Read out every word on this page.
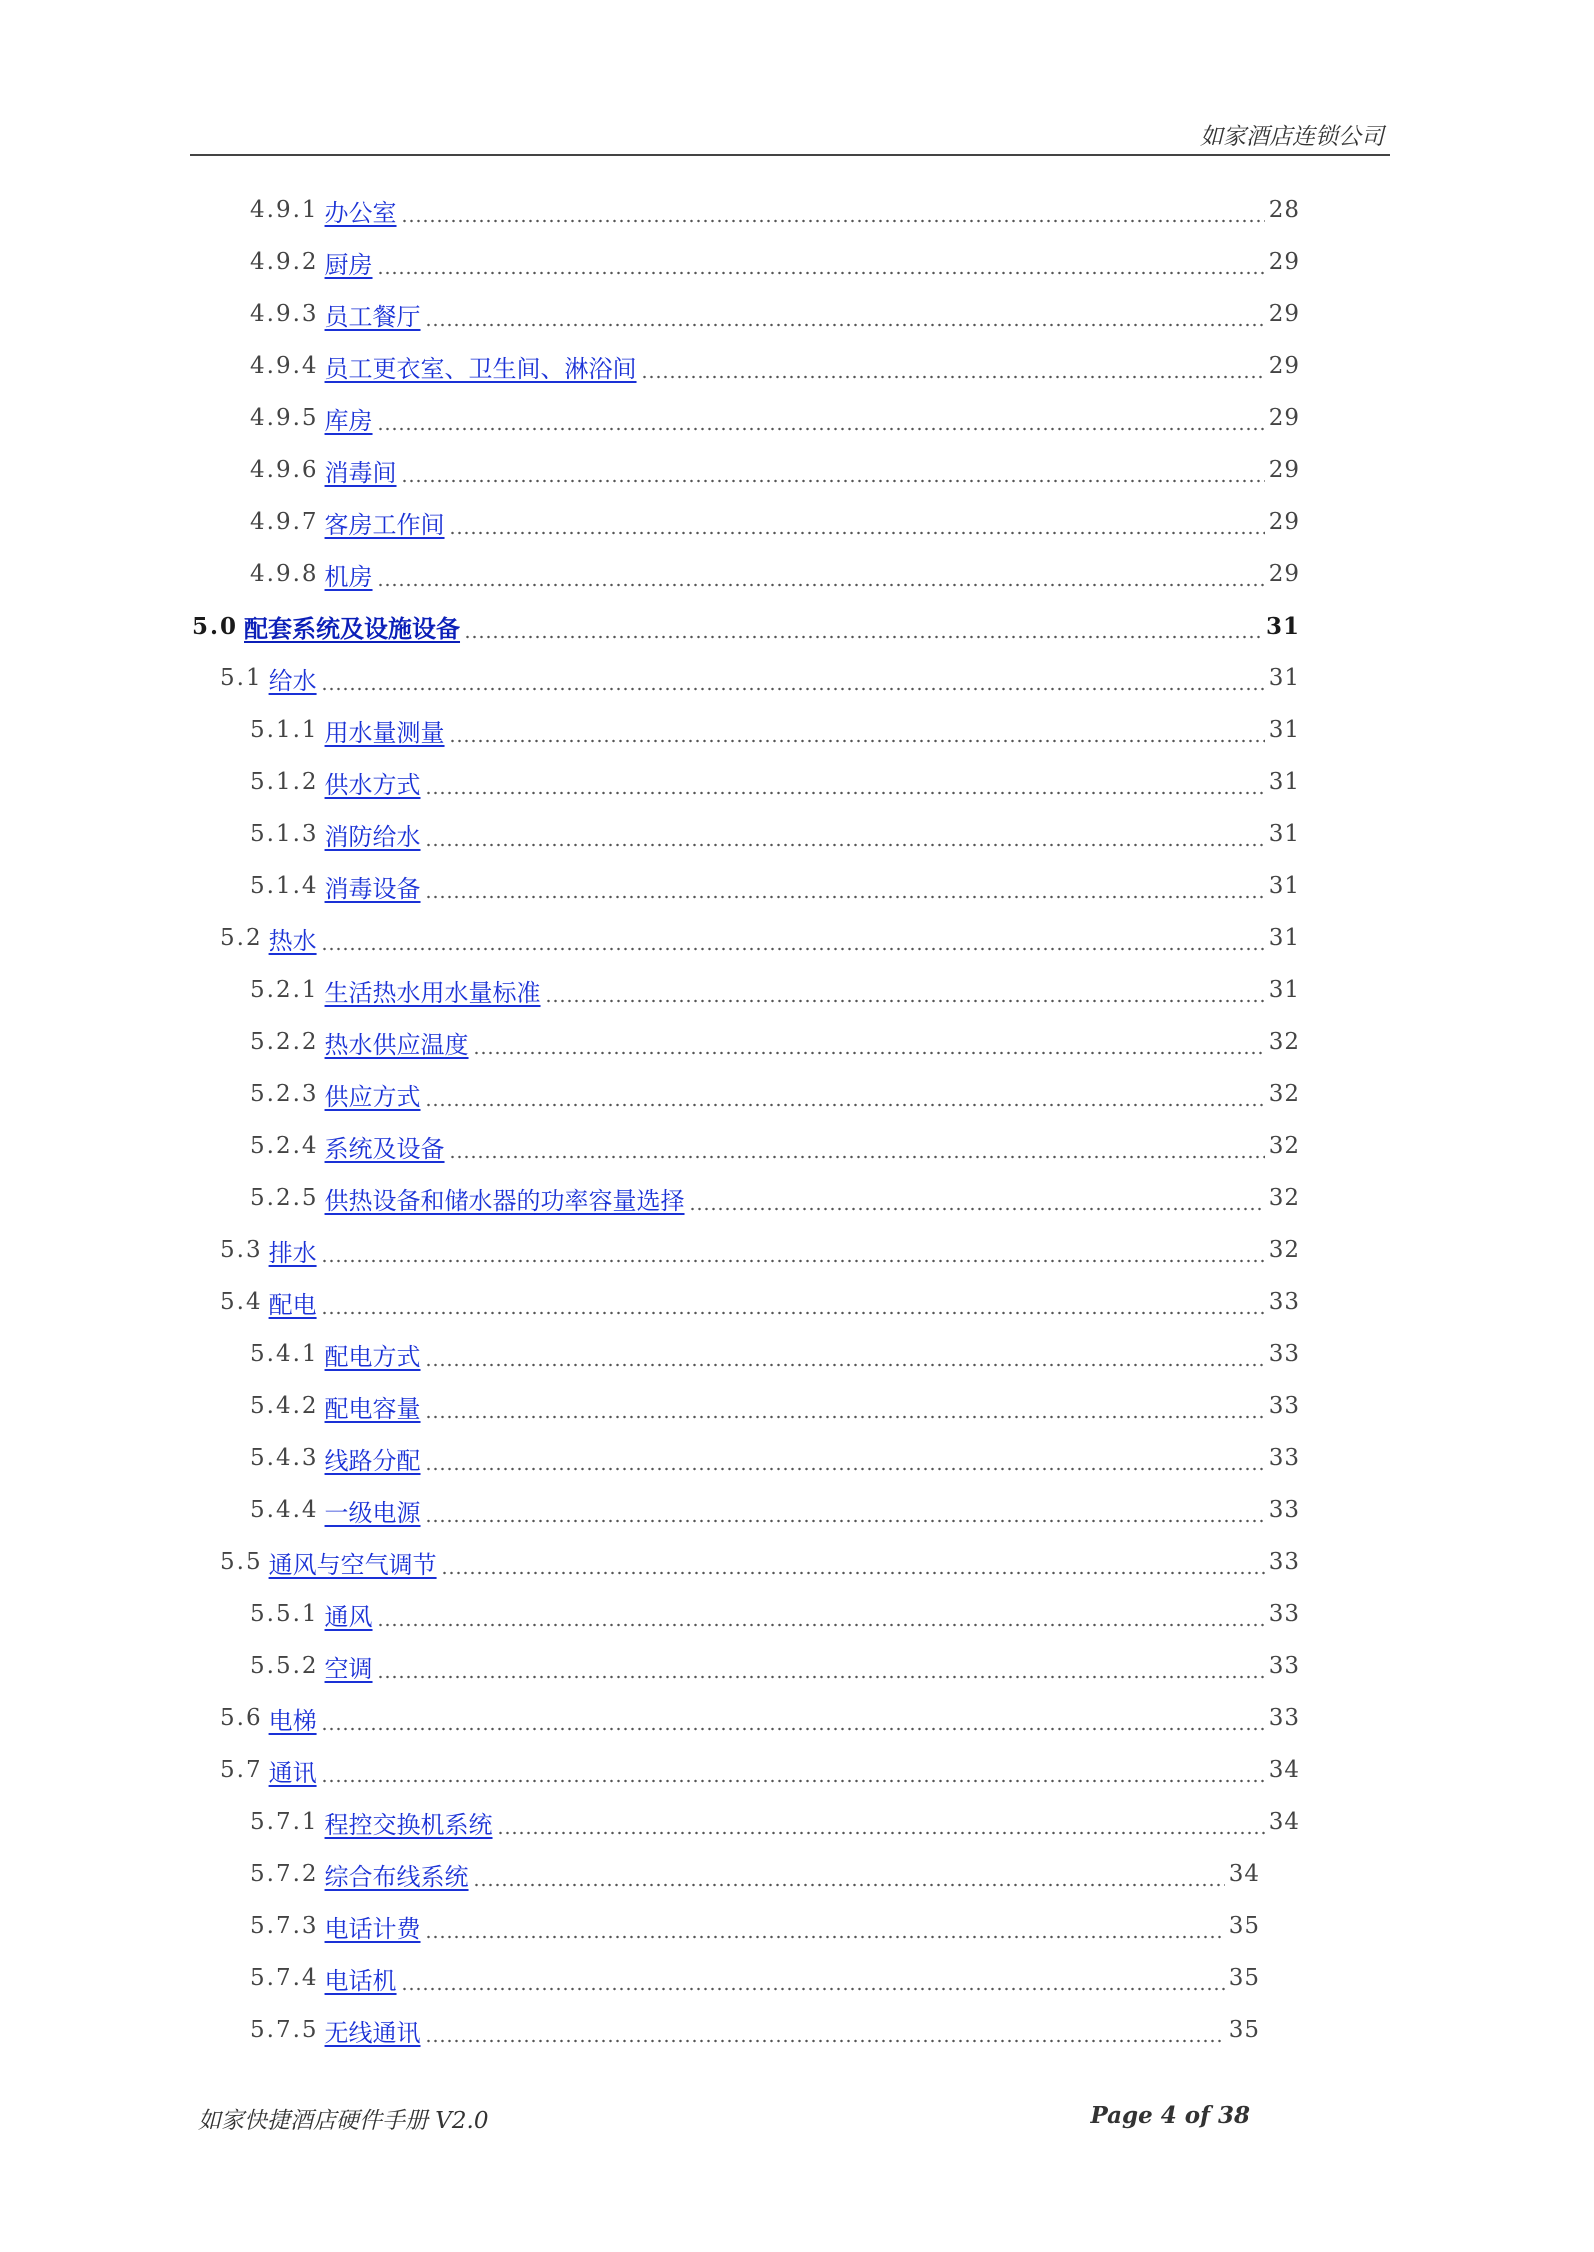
如家酒店连锁公司
4.9.1 办公室	28
4.9.2 厨房	29
4.9.3 员工餐厅	29
4.9.4 员工更衣室、卫生间、淋浴间	29
4.9.5 库房	29
4.9.6 消毒间	29
4.9.7 客房工作间	29
4.9.8 机房	29
5.0 配套系统及设施设备	31
5.1 给水	31
5.1.1 用水量测量	31
5.1.2 供水方式	31
5.1.3 消防给水	31
5.1.4 消毒设备	31
5.2 热水	31
5.2.1 生活热水用水量标准	31
5.2.2 热水供应温度	32
5.2.3 供应方式	32
5.2.4 系统及设备	32
5.2.5 供热设备和储水器的功率容量选择	32
5.3 排水	32
5.4 配电	33
5.4.1 配电方式	33
5.4.2 配电容量	33
5.4.3 线路分配	33
5.4.4 一级电源	33
5.5 通风与空气调节	33
5.5.1 通风	33
5.5.2 空调	33
5.6 电梯	33
5.7 通讯	34
5.7.1 程控交换机系统	34
5.7.2 综合布线系统	34
5.7.3 电话计费	35
5.7.4 电话机	35
5.7.5 无线通讯	35
如家快捷酒店硬件手册 V2.0	Page 4 of 38
